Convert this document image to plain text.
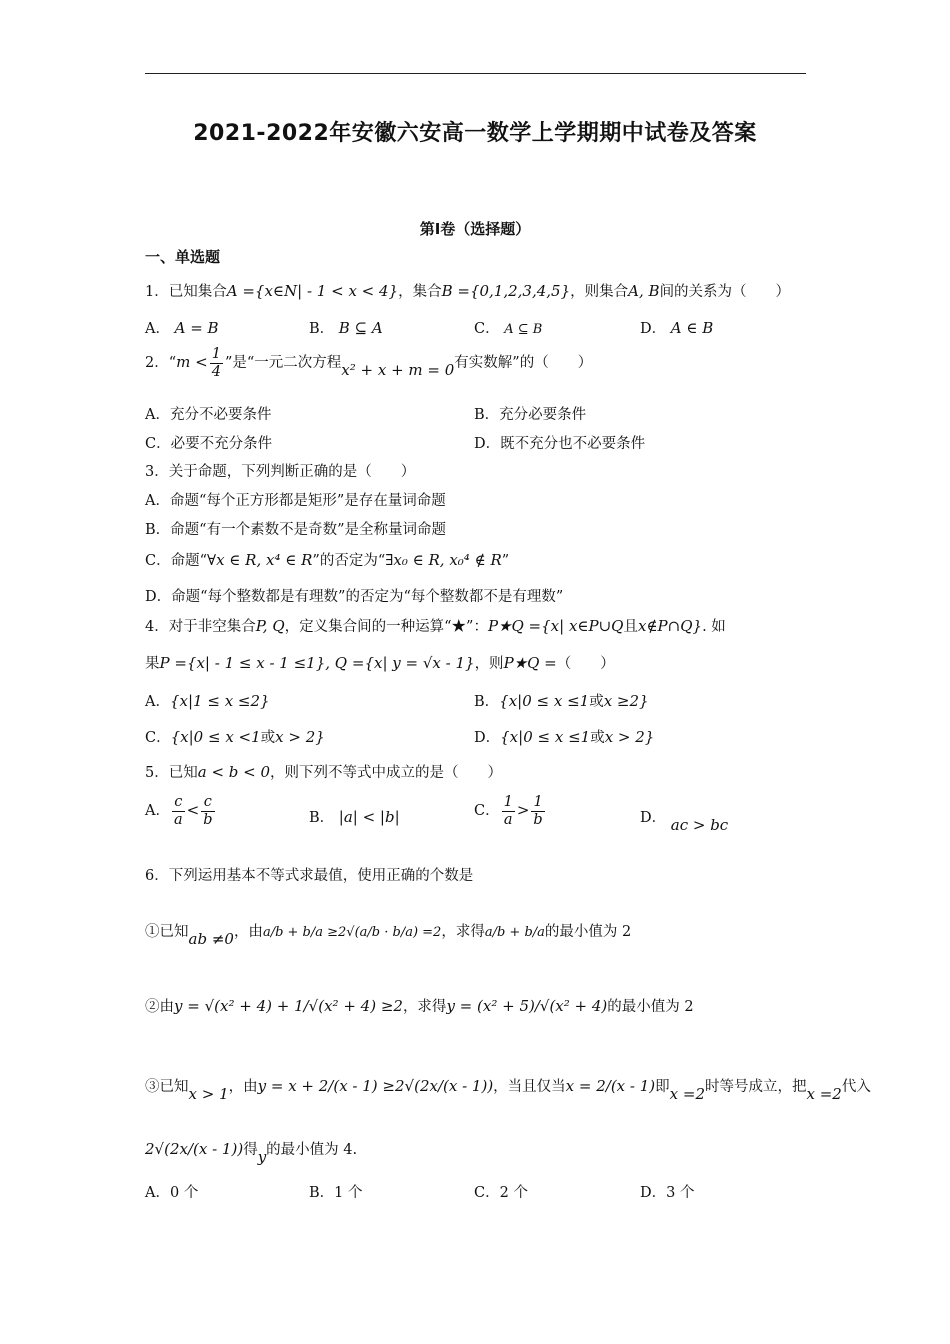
2021-2022年安徽六安高一数学上学期期中试卷及答案
第Ⅰ卷（选择题）
一、单选题
1．已知集合A ={x∈N| - 1 < x < 4}，集合B ={0,1,2,3,4,5}，则集合A, B间的关系为（　　）
A． A = B	B． B ⊆ A	C． A ⊆ B	D． A ∈ B
2．“$m < \frac{1}{4}$ ”是“一元二次方程x² + x + m = 0有实数解”的（　　）
A．充分不必要条件	B．充分必要条件
C．必要不充分条件	D．既不充分也不必要条件
3．关于命题，下列判断正确的是（　　）
A．命题“每个正方形都是矩形”是存在量词命题
B．命题“有一个素数不是奇数”是全称量词命题
C．命题“∀x ∈ R, x⁴ ∈ R”的否定为“∃x₀ ∈ R, x₀⁴ ∉ R”
D．命题“每个整数都是有理数”的否定为“每个整数都不是有理数”
4．对于非空集合P, Q，定义集合间的一种运算“★”：P★Q ={x| x∈P∪Q且x∉P∩Q}. 如
果P ={x| - 1 ≤ x - 1 ≤1}, Q ={x| y = √x - 1}，则P★Q =（　　）
A．{x|1 ≤ x ≤2}	B．{x|0 ≤ x ≤1或x ≥2}
C．{x|0 ≤ x <1或x > 2}	D．{x|0 ≤ x ≤1或x > 2}
5．已知a < b < 0，则下列不等式中成立的是（　　）
A． $\frac{c}{a} < \frac{c}{b}$	B． |a| < |b|	C． $\frac{1}{a} > \frac{1}{b}$	D． ac > bc
6．下列运用基本不等式求最值，使用正确的个数是
①已知ab ≠0，由a/b + b/a ≥2√(a/b · b/a) =2，求得a/b + b/a的最小值为 2
②由y = √(x² + 4) + 1/√(x² + 4) ≥2，求得y = (x² + 5)/√(x² + 4)的最小值为 2
③已知x > 1，由y = x + 2/(x - 1) ≥2√(2x/(x - 1))，当且仅当x = 2/(x - 1)即x =2时等号成立，把x =2代入
2√(2x/(x - 1))得y的最小值为 4.
A．0 个	B．1 个	C．2 个	D．3 个
